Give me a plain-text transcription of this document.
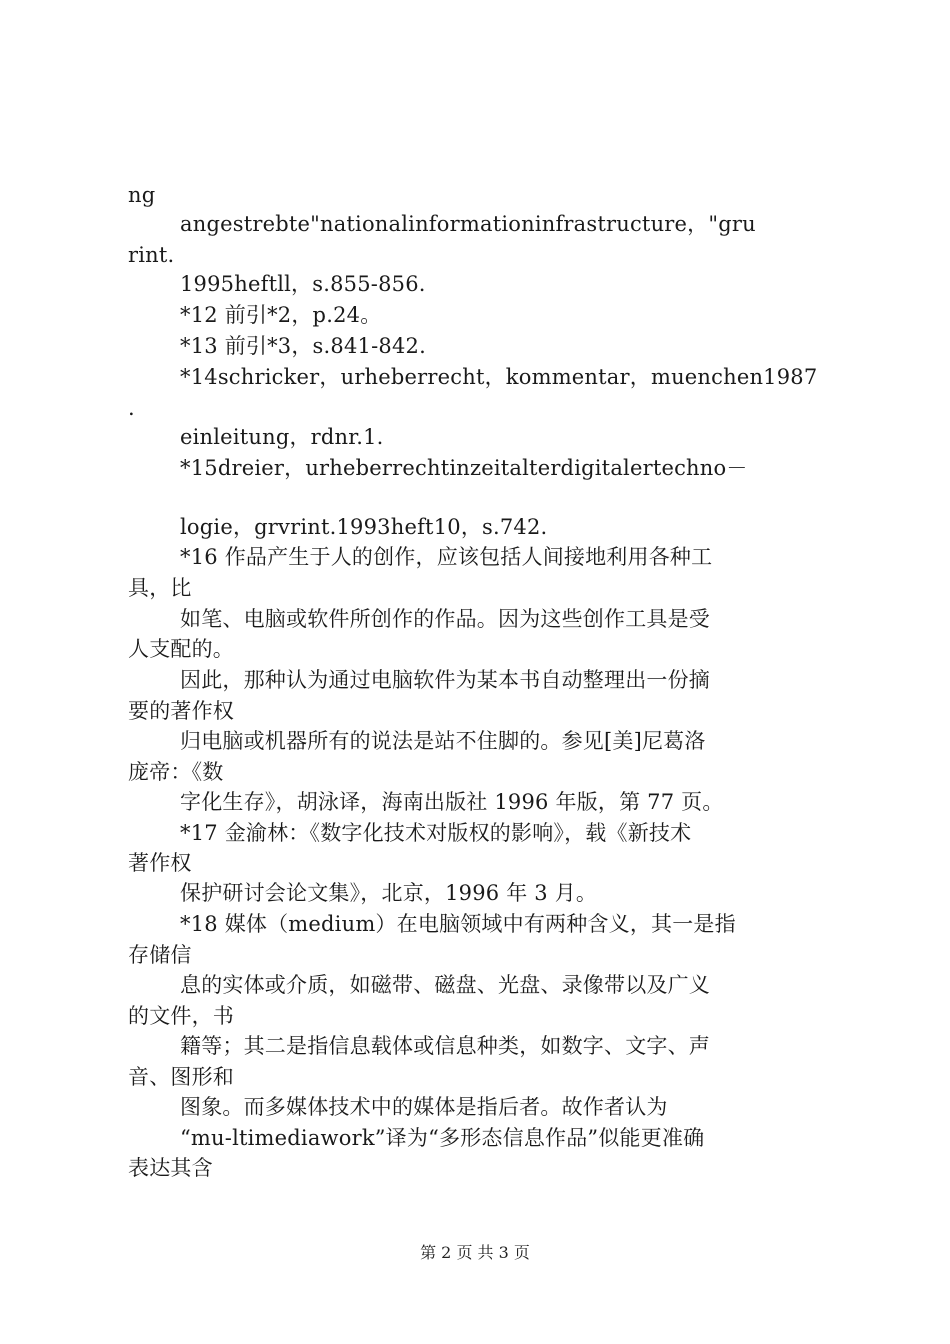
ng
angestrebte"nationalinformationinfrastructure，"gru
rint.
1995heftll，s.855-856.
*12 前引*2，p.24。
*13 前引*3，s.841-842.
*14schricker，urheberrecht，kommentar，muenchen1987
.
einleitung，rdnr.1.
*15dreier，urheberrechtinzeitalterdigitalertechno－
logie，grvrint.1993heft10，s.742.
*16 作品产生于人的创作，应该包括人间接地利用各种工
具，比
如笔、电脑或软件所创作的作品。因为这些创作工具是受
人支配的。
因此，那种认为通过电脑软件为某本书自动整理出一份摘
要的著作权
归电脑或机器所有的说法是站不住脚的。参见[美]尼葛洛
庞帝：《数
字化生存》，胡泳译，海南出版社 1996 年版，第 77 页。
*17 金渝林：《数字化技术对版权的影响》，载《新技术
著作权
保护研讨会论文集》，北京，1996 年 3 月。
*18 媒体（medium）在电脑领域中有两种含义，其一是指
存储信
息的实体或介质，如磁带、磁盘、光盘、录像带以及广义
的文件，书
籍等；其二是指信息载体或信息种类，如数字、文字、声
音、图形和
图象。而多媒体技术中的媒体是指后者。故作者认为
“mu-ltimediawork”译为“多形态信息作品”似能更准确
表达其含
第 2 页 共 3 页
